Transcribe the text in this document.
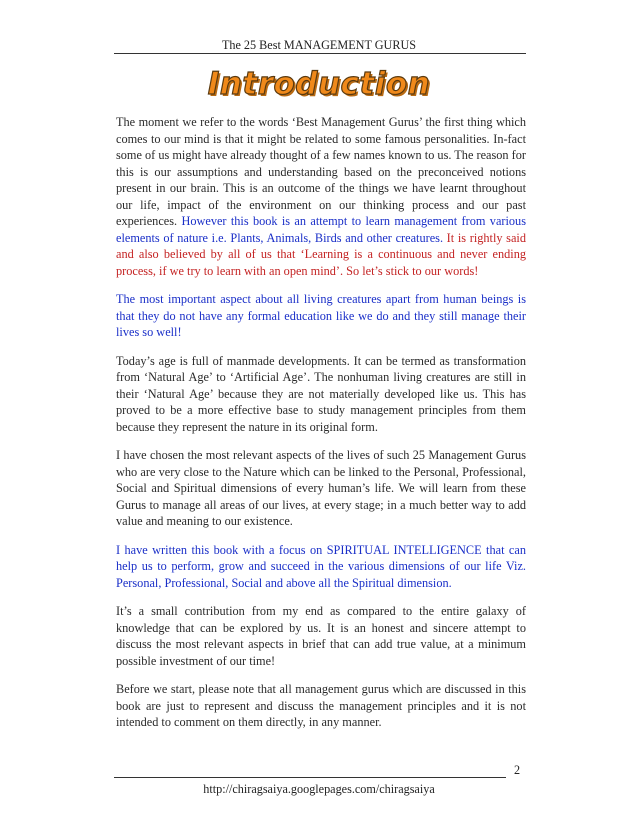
The 25 Best MANAGEMENT GURUS
Introduction

The moment we refer to the words ‘Best Management Gurus’ the first thing which comes to our mind is that it might be related to some famous personalities. In-fact some of us might have already thought of a few names known to us. The reason for this is our assumptions and understanding based on the preconceived notions present in our brain. This is an outcome of the things we have learnt throughout our life, impact of the environment on our thinking process and our past experiences. However this book is an attempt to learn management from various elements of nature i.e. Plants, Animals, Birds and other creatures. It is rightly said and also believed by all of us that ‘Learning is a continuous and never ending process, if we try to learn with an open mind’. So let’s stick to our words!

The most important aspect about all living creatures apart from human beings is that they do not have any formal education like we do and they still manage their lives so well!

Today’s age is full of manmade developments. It can be termed as transformation from ‘Natural Age’ to ‘Artificial Age’. The nonhuman living creatures are still in their ‘Natural Age’ because they are not materially developed like us. This has proved to be a more effective base to study management principles from them because they represent the nature in its original form.

I have chosen the most relevant aspects of the lives of such 25 Management Gurus who are very close to the Nature which can be linked to the Personal, Professional, Social and Spiritual dimensions of every human’s life. We will learn from these Gurus to manage all areas of our lives, at every stage; in a much better way to add value and meaning to our existence.

I have written this book with a focus on SPIRITUAL INTELLIGENCE that can help us to perform, grow and succeed in the various dimensions of our life Viz. Personal, Professional, Social and above all the Spiritual dimension.

It’s a small contribution from my end as compared to the entire galaxy of knowledge that can be explored by us. It is an honest and sincere attempt to discuss the most relevant aspects in brief that can add true value, at a minimum possible investment of our time!

Before we start, please note that all management gurus which are discussed in this book are just to represent and discuss the management principles and it is not intended to comment on them directly, in any manner.

2
http://chiragsaiya.googlepages.com/chiragsaiya
